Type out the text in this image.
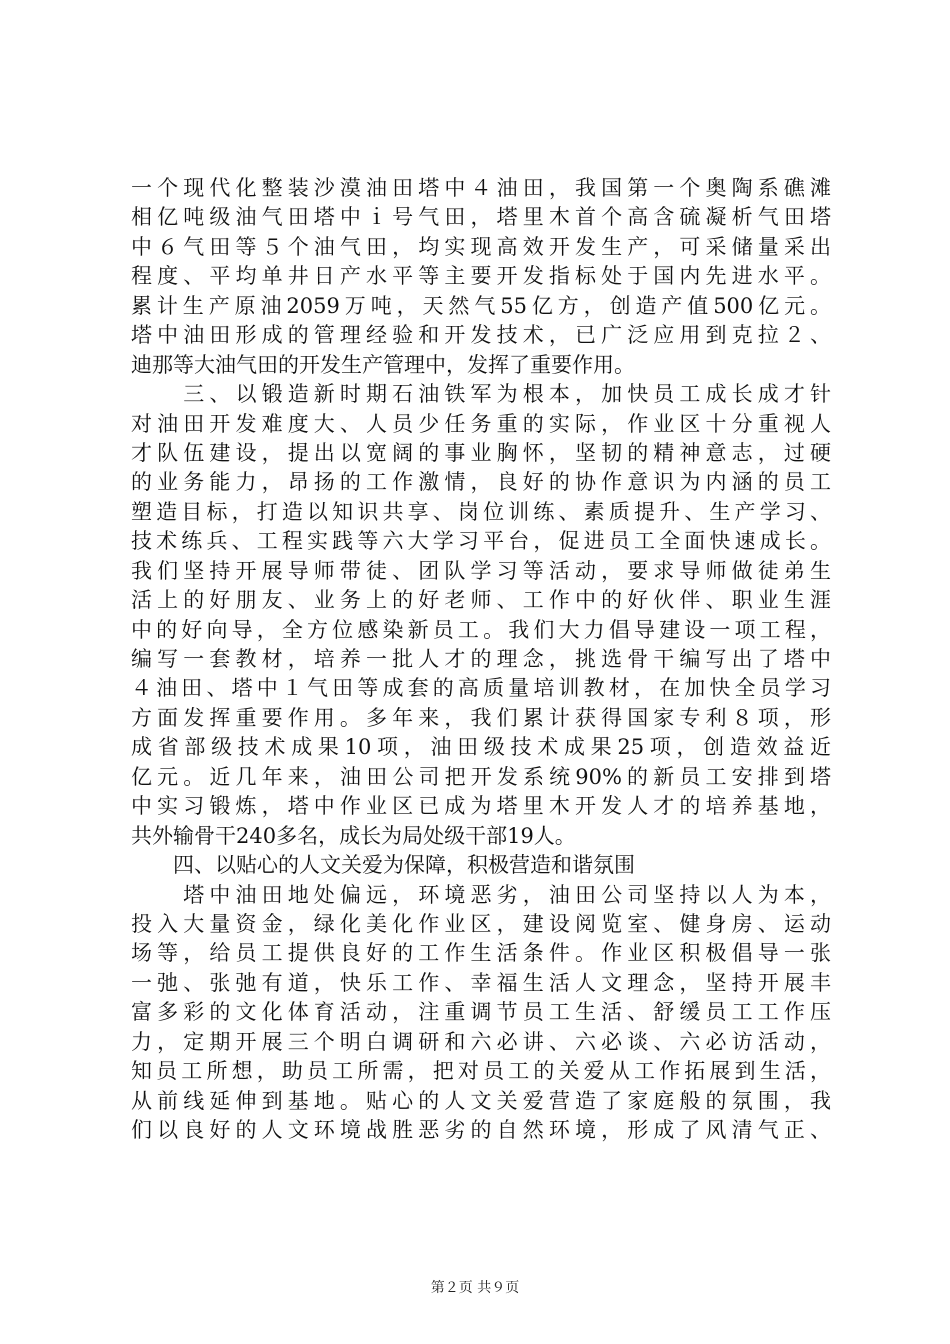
一个现代化整装沙漠油田塔中４油田，我国第一个奥陶系礁滩
相亿吨级油气田塔中ｉ号气田，塔里木首个高含硫凝析气田塔
中６气田等５个油气田，均实现高效开发生产，可采储量采出
程度、平均单井日产水平等主要开发指标处于国内先进水平。
累计生产原油2059万吨，天然气55亿方，创造产值500亿元。
塔中油田形成的管理经验和开发技术，已广泛应用到克拉２、
迪那等大油气田的开发生产管理中，发挥了重要作用。
　　三、以锻造新时期石油铁军为根本，加快员工成长成才针
对油田开发难度大、人员少任务重的实际，作业区十分重视人
才队伍建设，提出以宽阔的事业胸怀，坚韧的精神意志，过硬
的业务能力，昂扬的工作激情，良好的协作意识为内涵的员工
塑造目标，打造以知识共享、岗位训练、素质提升、生产学习、
技术练兵、工程实践等六大学习平台，促进员工全面快速成长。
我们坚持开展导师带徒、团队学习等活动，要求导师做徒弟生
活上的好朋友、业务上的好老师、工作中的好伙伴、职业生涯
中的好向导，全方位感染新员工。我们大力倡导建设一项工程，
编写一套教材，培养一批人才的理念，挑选骨干编写出了塔中
４油田、塔中１气田等成套的高质量培训教材，在加快全员学习
方面发挥重要作用。多年来，我们累计获得国家专利８项，形
成省部级技术成果10项，油田级技术成果25项，创造效益近
亿元。近几年来，油田公司把开发系统90%的新员工安排到塔
中实习锻炼，塔中作业区已成为塔里木开发人才的培养基地，
共外输骨干240多名，成长为局处级干部19人。
　　四、以贴心的人文关爱为保障，积极营造和谐氛围
　　塔中油田地处偏远，环境恶劣，油田公司坚持以人为本，
投入大量资金，绿化美化作业区，建设阅览室、健身房、运动
场等，给员工提供良好的工作生活条件。作业区积极倡导一张
一弛、张弛有道，快乐工作、幸福生活人文理念，坚持开展丰
富多彩的文化体育活动，注重调节员工生活、舒缓员工工作压
力，定期开展三个明白调研和六必讲、六必谈、六必访活动，
知员工所想，助员工所需，把对员工的关爱从工作拓展到生活，
从前线延伸到基地。贴心的人文关爱营造了家庭般的氛围，我
们以良好的人文环境战胜恶劣的自然环境，形成了风清气正、
第２页 共９页
